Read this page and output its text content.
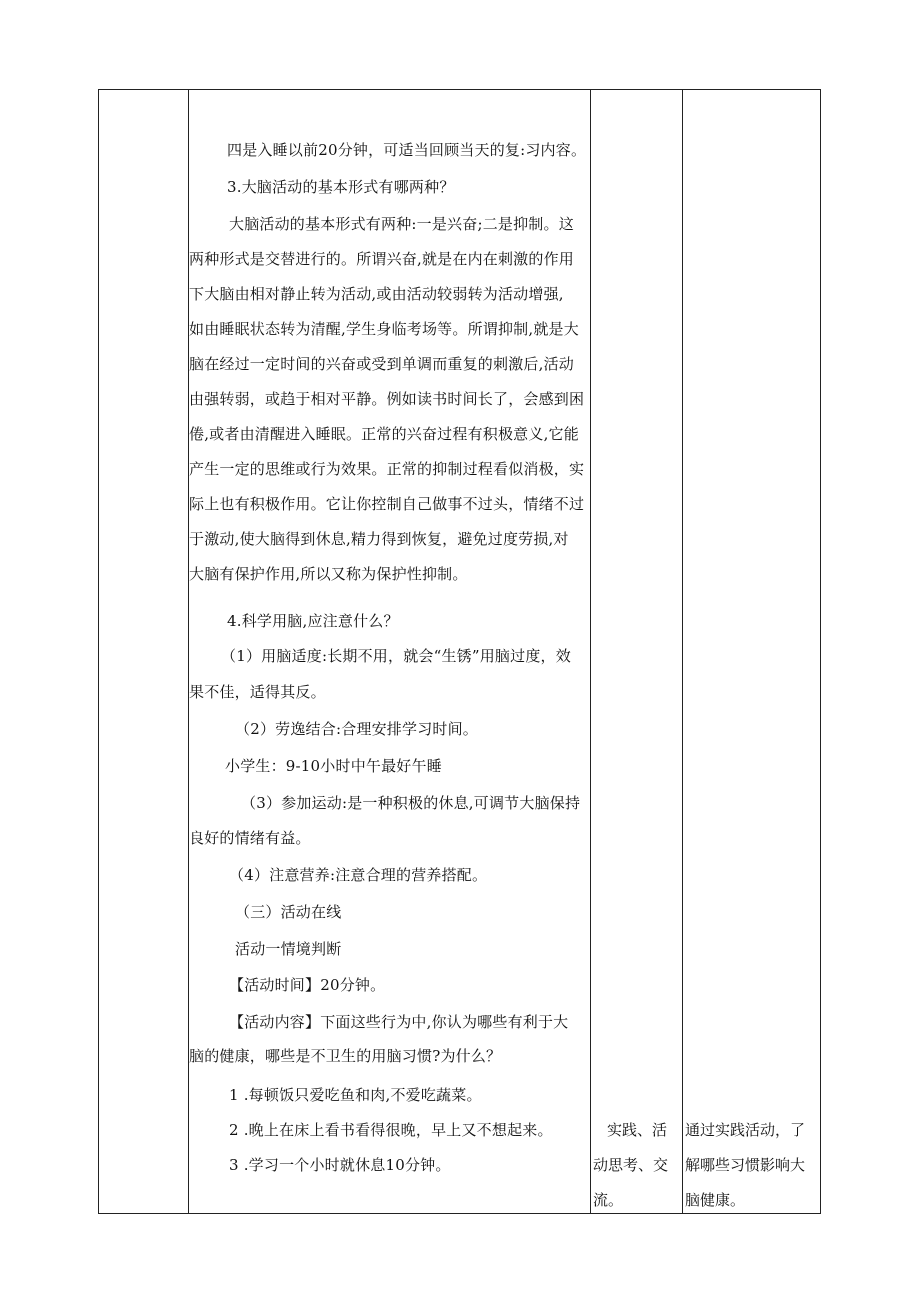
四是入睡以前20分钟，可适当回顾当天的复:习内容。
3.大脑活动的基本形式有哪两种？
大脑活动的基本形式有两种:一是兴奋;二是抑制。这
两种形式是交替进行的。所谓兴奋,就是在内在刺激的作用
下大脑由相对静止转为活动,或由活动较弱转为活动增强,
如由睡眠状态转为清醒,学生身临考场等。所谓抑制,就是大
脑在经过一定时间的兴奋或受到单调而重复的刺激后,活动
由强转弱，或趋于相对平静。例如读书时间长了，会感到困
倦,或者由清醒进入睡眠。正常的兴奋过程有积极意义,它能
产生一定的思维或行为效果。正常的抑制过程看似消极，实
际上也有积极作用。它让你控制自己做事不过头，情绪不过
于激动,使大脑得到休息,精力得到恢复，避免过度劳损,对
大脑有保护作用,所以又称为保护性抑制。
4.科学用脑,应注意什么？
（1）用脑适度:长期不用，就会“生锈”用脑过度，效
果不佳，适得其反。
（2）劳逸结合:合理安排学习时间。
小学生：9-10小时中午最好午睡
（3）参加运动:是一种积极的休息,可调节大脑保持
良好的情绪有益。
（4）注意营养:注意合理的营养搭配。
（三）活动在线
活动一情境判断
【活动时间】20分钟。
【活动内容】下面这些行为中,你认为哪些有利于大
脑的健康，哪些是不卫生的用脑习惯?为什么？
1 .每顿饭只爱吃鱼和肉,不爱吃蔬菜。
2 .晚上在床上看书看得很晚，早上又不想起来。
3 .学习一个小时就休息10分钟。
实践、活
动思考、交
流。
通过实践活动，了
解哪些习惯影响大
脑健康。
